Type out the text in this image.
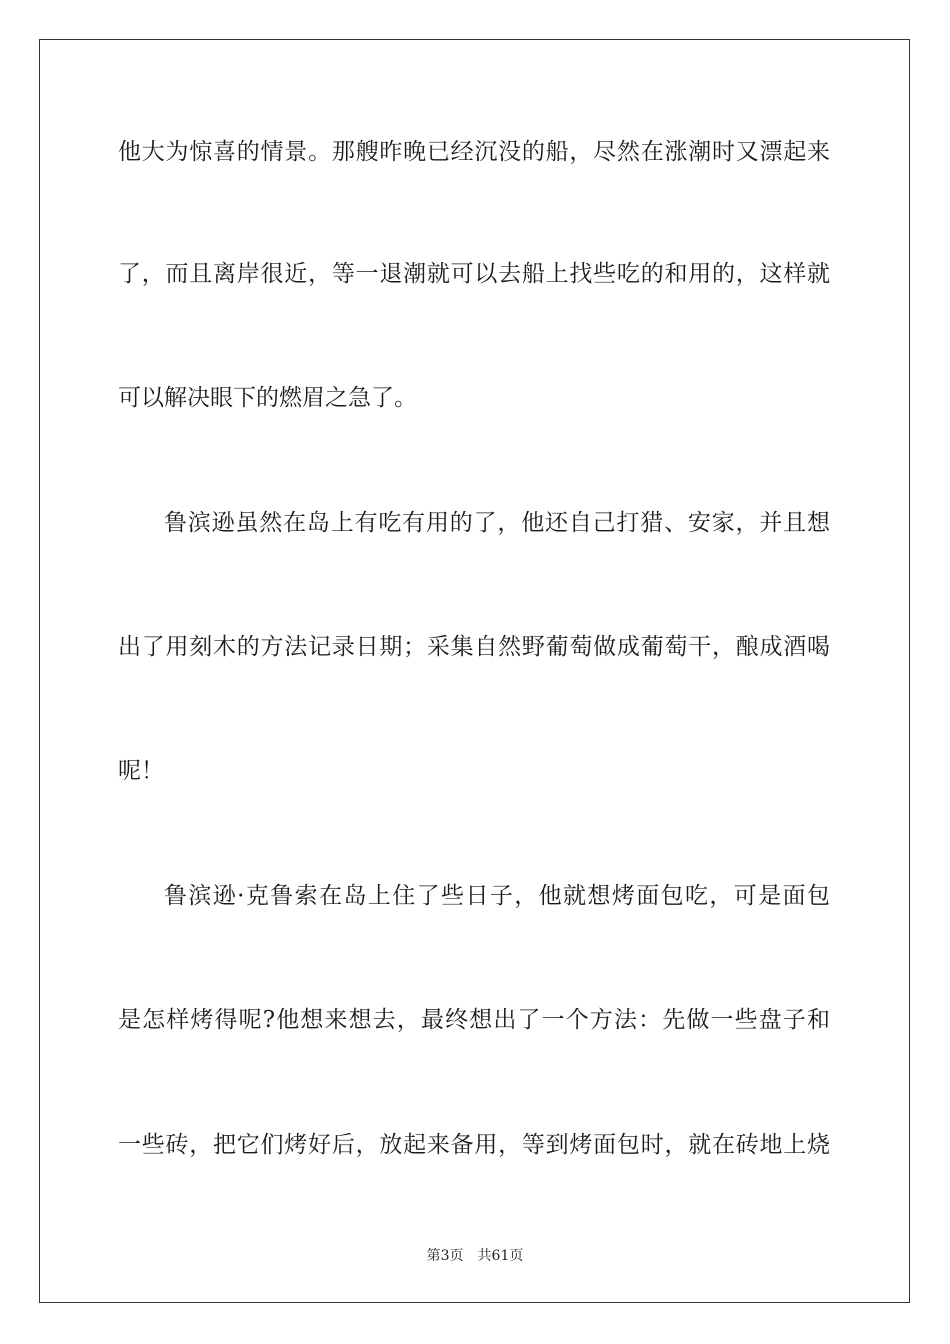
他大为惊喜的情景。那艘昨晚已经沉没的船，尽然在涨潮时又漂起来
了，而且离岸很近，等一退潮就可以去船上找些吃的和用的，这样就
可以解决眼下的燃眉之急了。
鲁滨逊虽然在岛上有吃有用的了，他还自己打猎、安家，并且想
出了用刻木的方法记录日期；采集自然野葡萄做成葡萄干，酿成酒喝
呢！
鲁滨逊·克鲁索在岛上住了些日子，他就想烤面包吃，可是面包
是怎样烤得呢?他想来想去，最终想出了一个方法：先做一些盘子和
一些砖，把它们烤好后，放起来备用，等到烤面包时，就在砖地上烧
第3页 共61页
